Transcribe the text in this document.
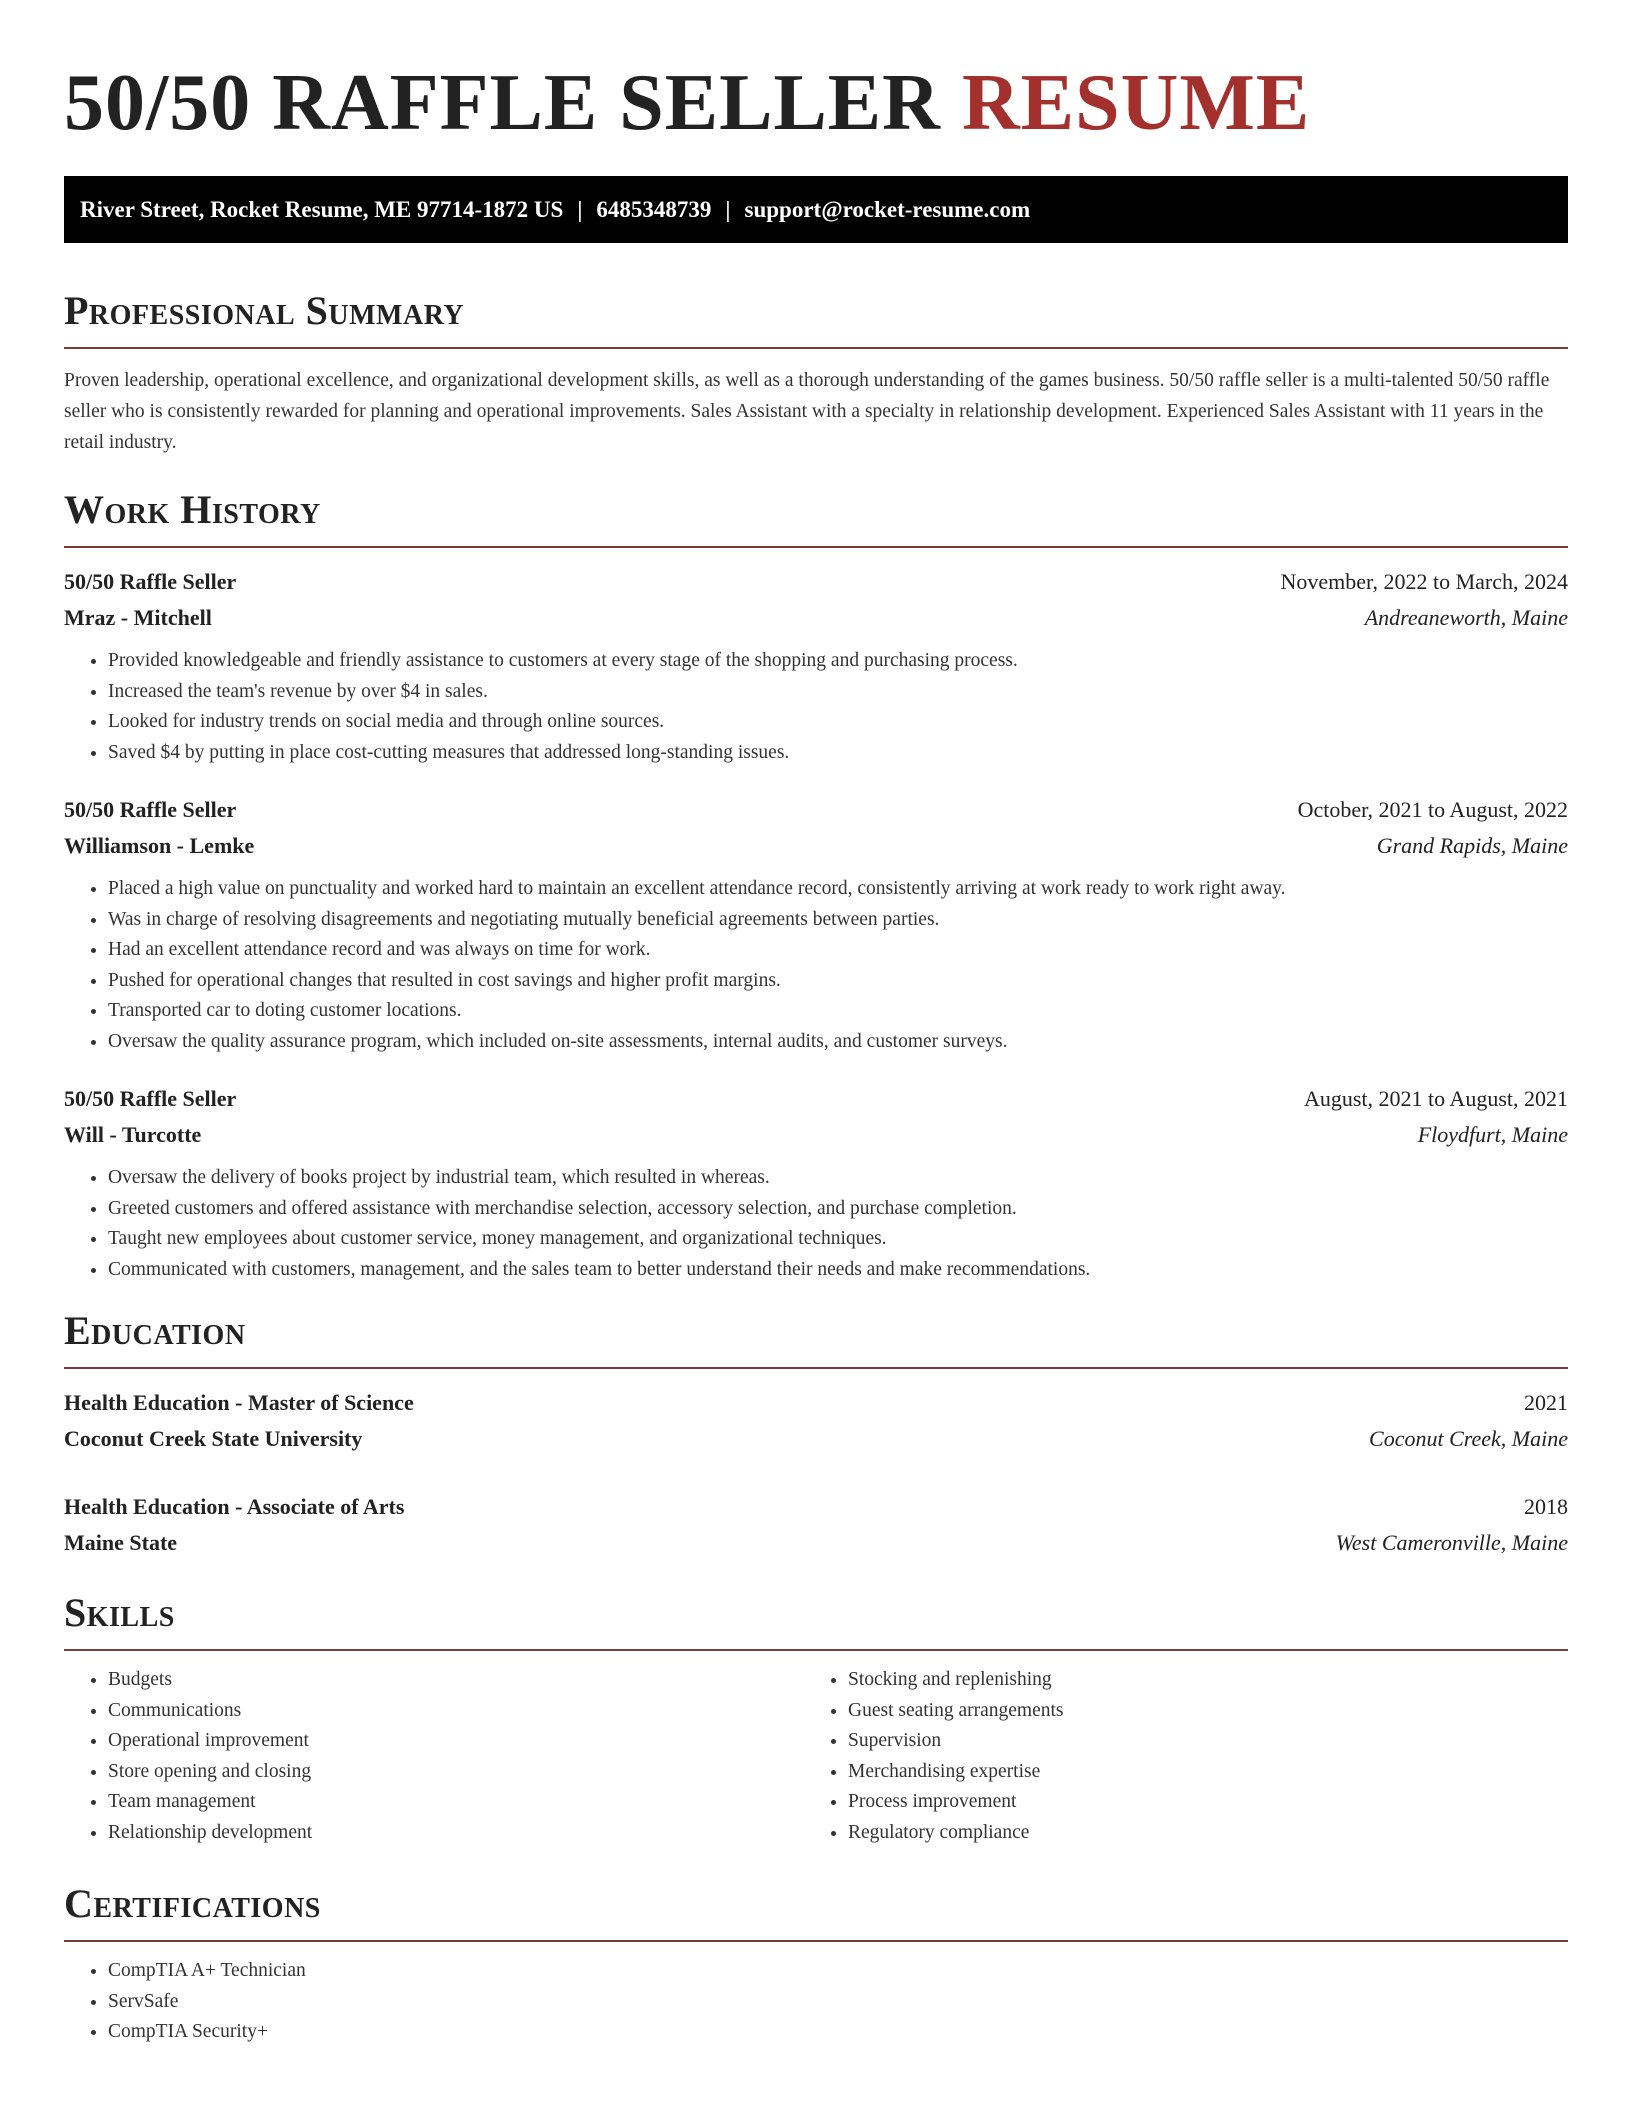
50/50 RAFFLE SELLER RESUME
River Street, Rocket Resume, ME 97714-1872 US | 6485348739 | support@rocket-resume.com
Professional Summary

Proven leadership, operational excellence, and organizational development skills, as well as a thorough understanding of the games business. 50/50 raffle seller is a multi-talented 50/50 raffle seller who is consistently rewarded for planning and operational improvements. Sales Assistant with a specialty in relationship development. Experienced Sales Assistant with 11 years in the retail industry.

Work History
50/50 Raffle Seller	November, 2022 to March, 2024
Mraz - Mitchell	Andreaneworth, Maine
• Provided knowledgeable and friendly assistance to customers at every stage of the shopping and purchasing process.
• Increased the team's revenue by over $4 in sales.
• Looked for industry trends on social media and through online sources.
• Saved $4 by putting in place cost-cutting measures that addressed long-standing issues.
50/50 Raffle Seller	October, 2021 to August, 2022
Williamson - Lemke	Grand Rapids, Maine
• Placed a high value on punctuality and worked hard to maintain an excellent attendance record, consistently arriving at work ready to work right away.
• Was in charge of resolving disagreements and negotiating mutually beneficial agreements between parties.
• Had an excellent attendance record and was always on time for work.
• Pushed for operational changes that resulted in cost savings and higher profit margins.
• Transported car to doting customer locations.
• Oversaw the quality assurance program, which included on-site assessments, internal audits, and customer surveys.
50/50 Raffle Seller	August, 2021 to August, 2021
Will - Turcotte	Floydfurt, Maine
• Oversaw the delivery of books project by industrial team, which resulted in whereas.
• Greeted customers and offered assistance with merchandise selection, accessory selection, and purchase completion.
• Taught new employees about customer service, money management, and organizational techniques.
• Communicated with customers, management, and the sales team to better understand their needs and make recommendations.
Education
Health Education - Master of Science	2021
Coconut Creek State University	Coconut Creek, Maine
Health Education - Associate of Arts	2018
Maine State	West Cameronville, Maine
Skills
• Budgets
• Communications
• Operational improvement
• Store opening and closing
• Team management
• Relationship development
• Stocking and replenishing
• Guest seating arrangements
• Supervision
• Merchandising expertise
• Process improvement
• Regulatory compliance
Certifications
• CompTIA A+ Technician
• ServSafe
• CompTIA Security+
